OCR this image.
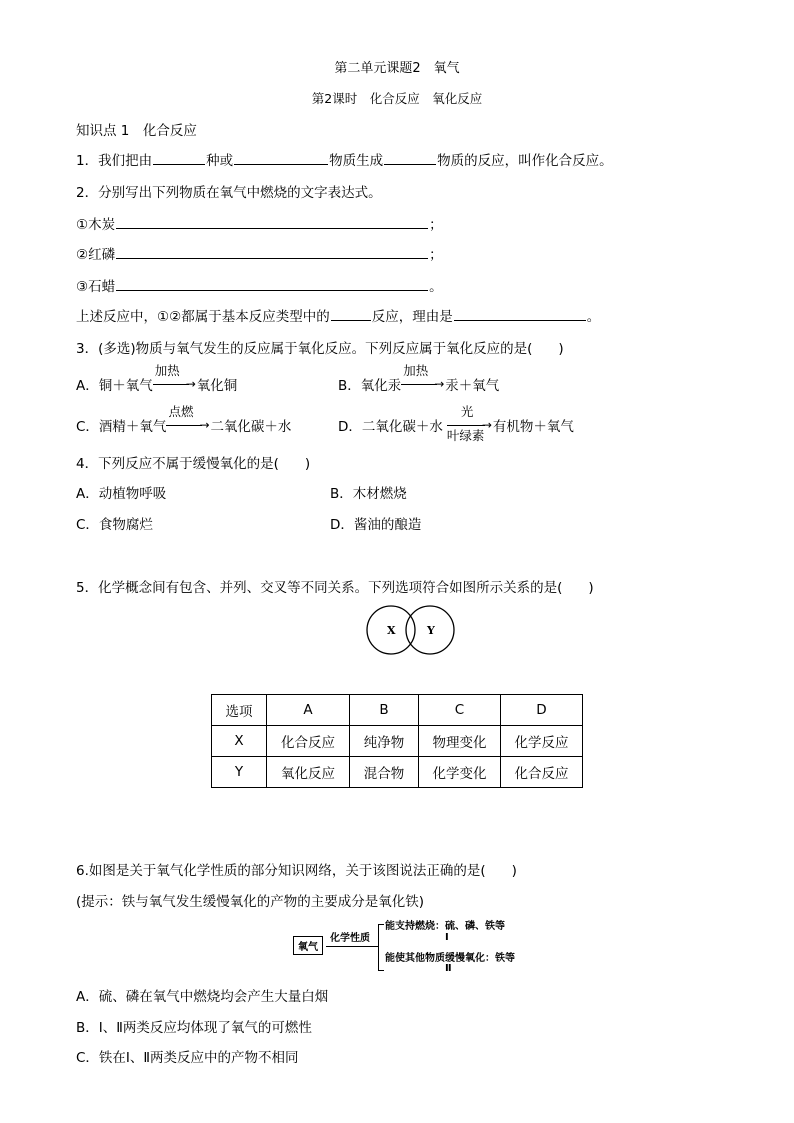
第二单元课题2　氧气
第2课时　化合反应　氧化反应
知识点 1　化合反应
1．我们把由	种或	物质生成	物质的反应，叫作化合反应。
2．分别写出下列物质在氧气中燃烧的文字表达式。
①木炭	；
②红磷	；
③石蜡	。
上述反应中，①②都属于基本反应类型中的	反应，理由是	。
3．(多选)物质与氧气发生的反应属于氧化反应。下列反应属于氧化反应的是( )
A．铜＋氧气
加热
→ 氧化铜	B．氧化汞
加热
→ 汞＋氧气
C．酒精＋氧气
点燃
→ 二氧化碳＋水	D．二氧化碳＋水
光
→
叶绿素
有机物＋氧气
4．下列反应不属于缓慢氧化的是( )
A．动植物呼吸	B．木材燃烧
C．食物腐烂	D．酱油的酿造
5．化学概念间有包含、并列、交叉等不同关系。下列选项符合如图所示关系的是( )
X	Y
选项	A	B	C	D
X	化合反应	纯净物	物理变化	化学反应
Y	氧化反应	混合物	化学变化	化合反应
6.如图是关于氧气化学性质的部分知识网络，关于该图说法正确的是( )
(提示：铁与氧气发生缓慢氧化的产物的主要成分是氧化铁)
氧气
化学性质
能支持燃烧：硫、磷、铁等
Ⅰ
能使其他物质缓慢氧化：铁等
Ⅱ
A．硫、磷在氧气中燃烧均会产生大量白烟
B．Ⅰ、Ⅱ两类反应均体现了氧气的可燃性
C．铁在Ⅰ、Ⅱ两类反应中的产物不相同
